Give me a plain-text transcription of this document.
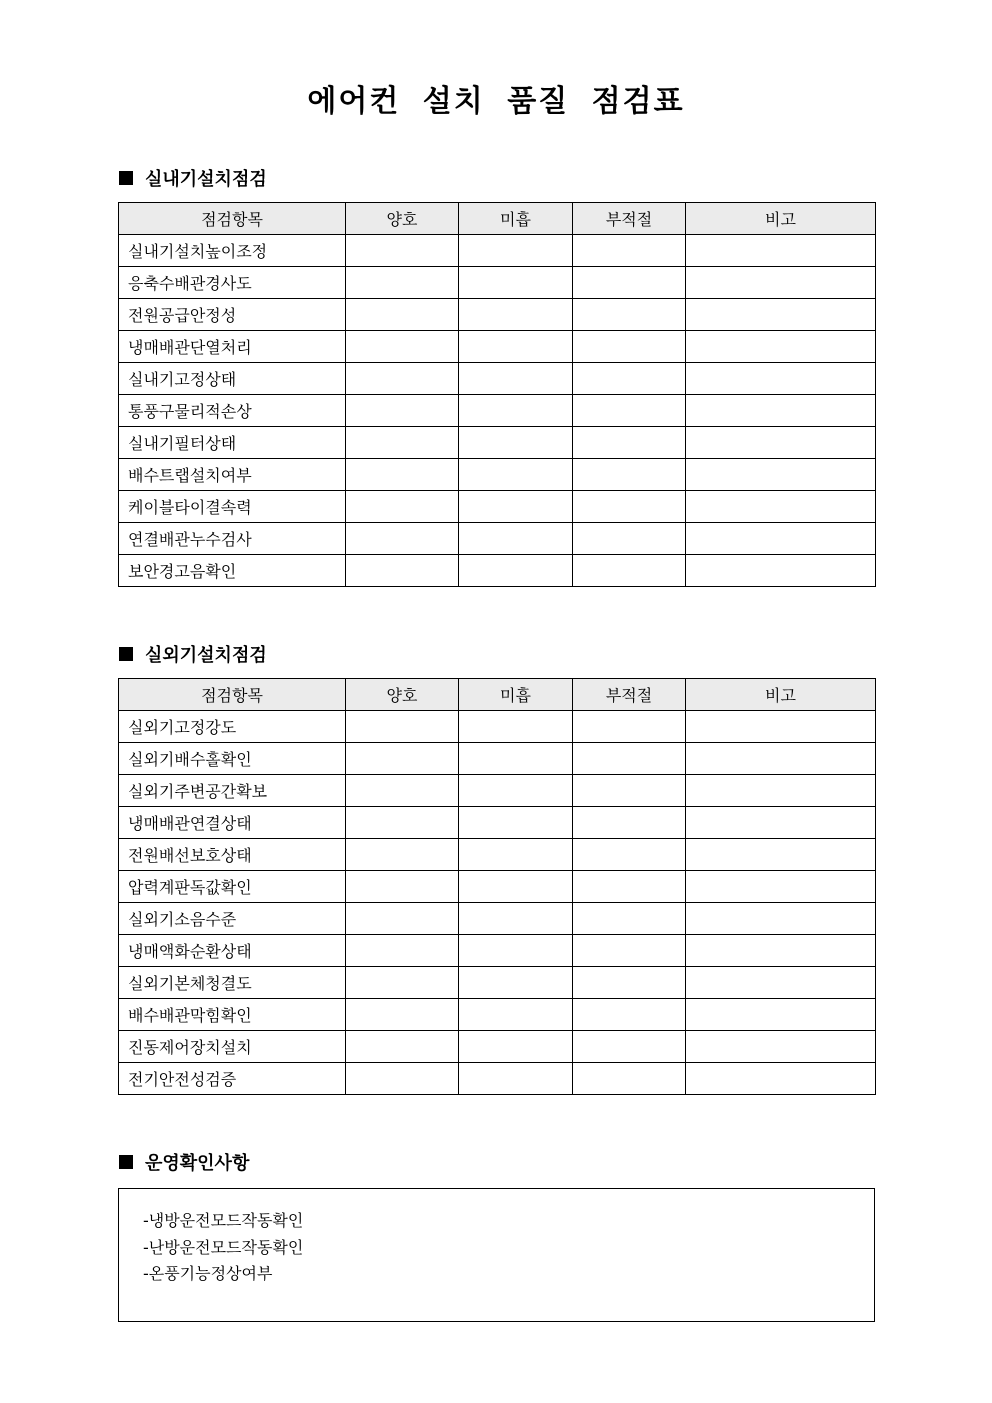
에어컨 설치 품질 점검표
실내기설치점검
점검항목	양호	미흡	부적절	비고
실내기설치높이조정				
응축수배관경사도				
전원공급안정성				
냉매배관단열처리				
실내기고정상태				
통풍구물리적손상				
실내기필터상태				
배수트랩설치여부				
케이블타이결속력				
연결배관누수검사				
보안경고음확인				
실외기설치점검
점검항목	양호	미흡	부적절	비고
실외기고정강도				
실외기배수홀확인				
실외기주변공간확보				
냉매배관연결상태				
전원배선보호상태				
압력계판독값확인				
실외기소음수준				
냉매액화순환상태				
실외기본체청결도				
배수배관막힘확인				
진동제어장치설치				
전기안전성검증				
운영확인사항
-냉방운전모드작동확인
-난방운전모드작동확인
-온풍기능정상여부
